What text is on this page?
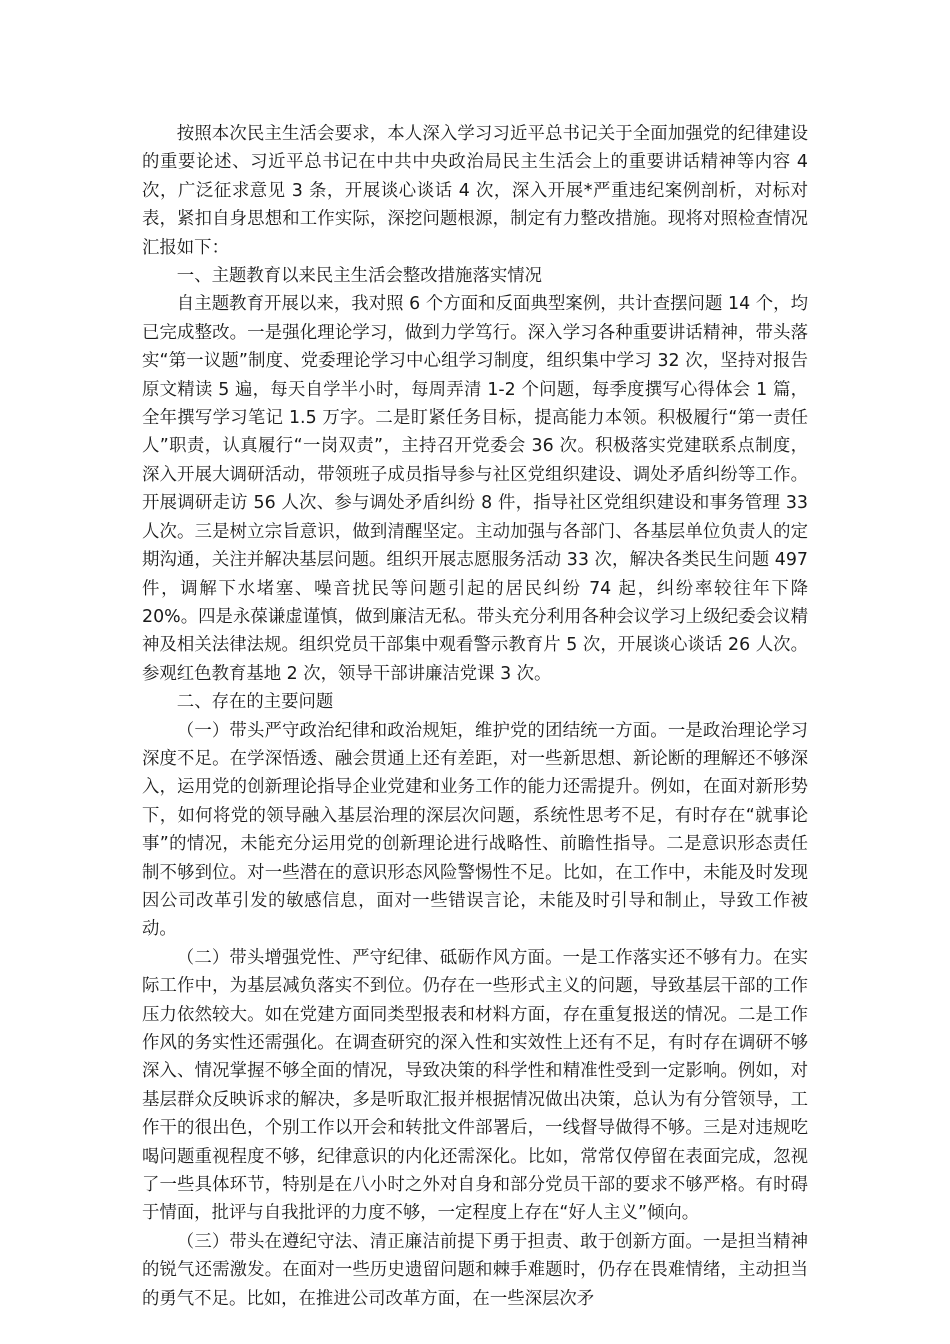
按照本次民主生活会要求，本人深入学习习近平总书记关于全面加强党的纪律建设的重要论述、习近平总书记在中共中央政治局民主生活会上的重要讲话精神等内容 4 次，广泛征求意见 3 条，开展谈心谈话 4 次，深入开展*严重违纪案例剖析，对标对表，紧扣自身思想和工作实际，深挖问题根源，制定有力整改措施。现将对照检查情况汇报如下：

一、主题教育以来民主生活会整改措施落实情况

自主题教育开展以来，我对照 6 个方面和反面典型案例，共计查摆问题 14 个，均已完成整改。一是强化理论学习，做到力学笃行。深入学习各种重要讲话精神，带头落实“第一议题”制度、党委理论学习中心组学习制度，组织集中学习 32 次，坚持对报告原文精读 5 遍，每天自学半小时，每周弄清 1-2 个问题，每季度撰写心得体会 1 篇，全年撰写学习笔记 1.5 万字。二是盯紧任务目标，提高能力本领。积极履行“第一责任人”职责，认真履行“一岗双责”，主持召开党委会 36 次。积极落实党建联系点制度，深入开展大调研活动，带领班子成员指导参与社区党组织建设、调处矛盾纠纷等工作。开展调研走访 56 人次、参与调处矛盾纠纷 8 件，指导社区党组织建设和事务管理 33 人次。三是树立宗旨意识，做到清醒坚定。主动加强与各部门、各基层单位负责人的定期沟通，关注并解决基层问题。组织开展志愿服务活动 33 次，解决各类民生问题 497 件，调解下水堵塞、噪音扰民等问题引起的居民纠纷 74 起，纠纷率较往年下降 20%。四是永葆谦虚谨慎，做到廉洁无私。带头充分利用各种会议学习上级纪委会议精神及相关法律法规。组织党员干部集中观看警示教育片 5 次，开展谈心谈话 26 人次。参观红色教育基地 2 次，领导干部讲廉洁党课 3 次。

二、存在的主要问题

（一）带头严守政治纪律和政治规矩，维护党的团结统一方面。一是政治理论学习深度不足。在学深悟透、融会贯通上还有差距，对一些新思想、新论断的理解还不够深入，运用党的创新理论指导企业党建和业务工作的能力还需提升。例如，在面对新形势下，如何将党的领导融入基层治理的深层次问题，系统性思考不足，有时存在“就事论事”的情况，未能充分运用党的创新理论进行战略性、前瞻性指导。二是意识形态责任制不够到位。对一些潜在的意识形态风险警惕性不足。比如，在工作中，未能及时发现因公司改革引发的敏感信息，面对一些错误言论，未能及时引导和制止，导致工作被动。

（二）带头增强党性、严守纪律、砥砺作风方面。一是工作落实还不够有力。在实际工作中，为基层减负落实不到位。仍存在一些形式主义的问题，导致基层干部的工作压力依然较大。如在党建方面同类型报表和材料方面，存在重复报送的情况。二是工作作风的务实性还需强化。在调查研究的深入性和实效性上还有不足，有时存在调研不够深入、情况掌握不够全面的情况，导致决策的科学性和精准性受到一定影响。例如，对基层群众反映诉求的解决，多是听取汇报并根据情况做出决策，总认为有分管领导，工作干的很出色，个别工作以开会和转批文件部署后，一线督导做得不够。三是对违规吃喝问题重视程度不够，纪律意识的内化还需深化。比如，常常仅停留在表面完成，忽视了一些具体环节，特别是在八小时之外对自身和部分党员干部的要求不够严格。有时碍于情面，批评与自我批评的力度不够，一定程度上存在“好人主义”倾向。

（三）带头在遵纪守法、清正廉洁前提下勇于担责、敢于创新方面。一是担当精神的锐气还需激发。在面对一些历史遗留问题和棘手难题时，仍存在畏难情绪，主动担当的勇气不足。比如，在推进公司改革方面，在一些深层次矛
